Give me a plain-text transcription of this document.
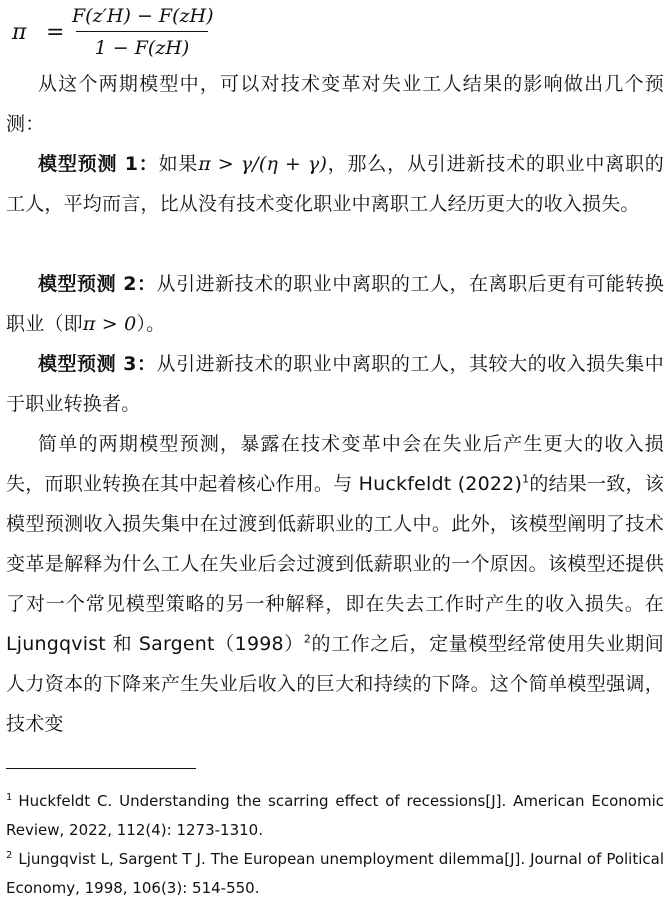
π =
F(z′H) − F(zH)
1 − F(zH)

从这个两期模型中，可以对技术变革对失业工人结果的影响做出几个预测：

模型预测 1：如果π > γ/(η + γ)，那么，从引进新技术的职业中离职的工人，平均而言，比从没有技术变化职业中离职工人经历更大的收入损失。

模型预测 2：从引进新技术的职业中离职的工人，在离职后更有可能转换职业（即π > 0）。

模型预测 3：从引进新技术的职业中离职的工人，其较大的收入损失集中于职业转换者。

简单的两期模型预测，暴露在技术变革中会在失业后产生更大的收入损失，而职业转换在其中起着核心作用。与 Huckfeldt $(2022)^1$的结果一致，该模型预测收入损失集中在过渡到低薪职业的工人中。此外，该模型阐明了技术变革是解释为什么工人在失业后会过渡到低薪职业的一个原因。该模型还提供了对一个常见模型策略的另一种解释，即在失去工作时产生的收入损失。在 Ljungqvist 和 $Sargent(1998)^2$的工作之后，定量模型经常使用失业期间人力资本的下降来产生失业后收入的巨大和持续的下降。这个简单模型强调，技术变

$^1$ Huckfeldt C. Understanding the scarring effect of recessions[J]. American Economic Review, 2022, 112(4): 1273-1310.
$^2$ Ljungqvist L, Sargent T J. The European unemployment dilemma[J]. Journal of Political Economy, 1998, 106(3): 514-550.
